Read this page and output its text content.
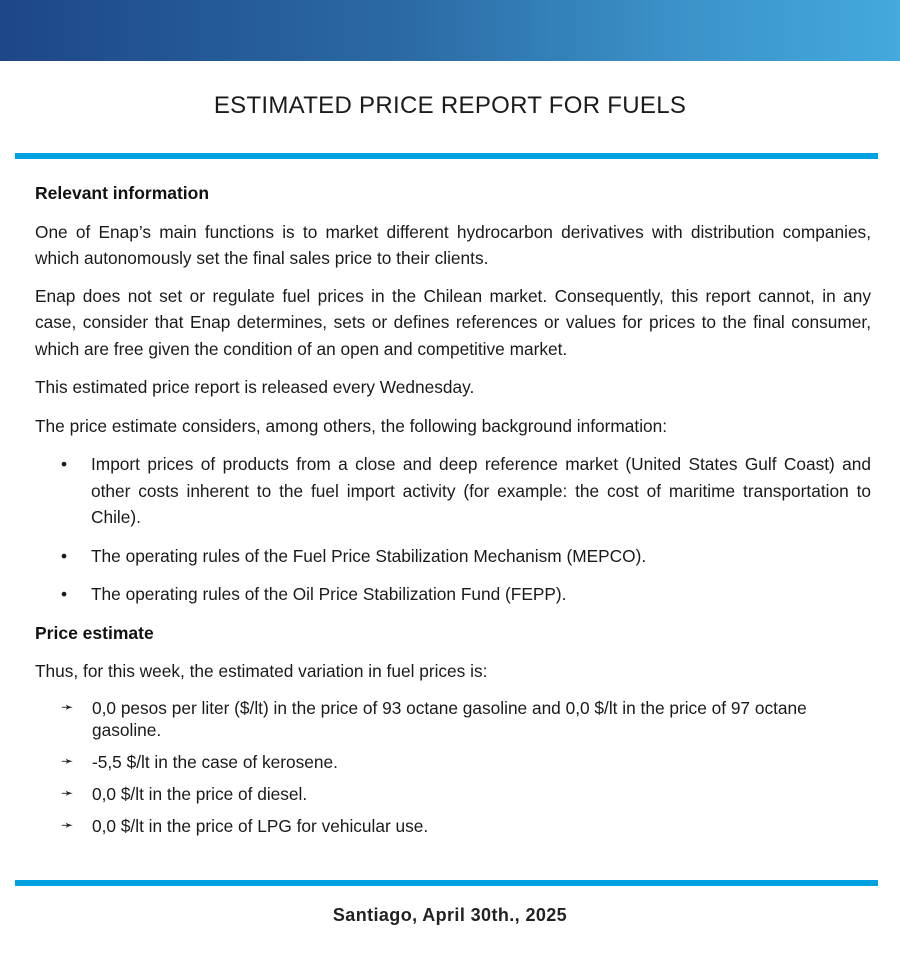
ESTIMATED PRICE REPORT FOR FUELS

Relevant information

One of Enap’s main functions is to market different hydrocarbon derivatives with distribution companies, which autonomously set the final sales price to their clients.

Enap does not set or regulate fuel prices in the Chilean market. Consequently, this report cannot, in any case, consider that Enap determines, sets or defines references or values for prices to the final consumer, which are free given the condition of an open and competitive market.

This estimated price report is released every Wednesday.

The price estimate considers, among others, the following background information:

• Import prices of products from a close and deep reference market (United States Gulf Coast) and other costs inherent to the fuel import activity (for example: the cost of maritime transportation to Chile).
• The operating rules of the Fuel Price Stabilization Mechanism (MEPCO).
• The operating rules of the Oil Price Stabilization Fund (FEPP).

Price estimate

Thus, for this week, the estimated variation in fuel prices is:

➛ 0,0 pesos per liter ($/lt) in the price of 93 octane gasoline and 0,0 $/lt in the price of 97 octane gasoline.
➛ -5,5 $/lt in the case of kerosene.
➛ 0,0 $/lt in the price of diesel.
➛ 0,0 $/lt in the price of LPG for vehicular use.
Santiago, April 30th., 2025
